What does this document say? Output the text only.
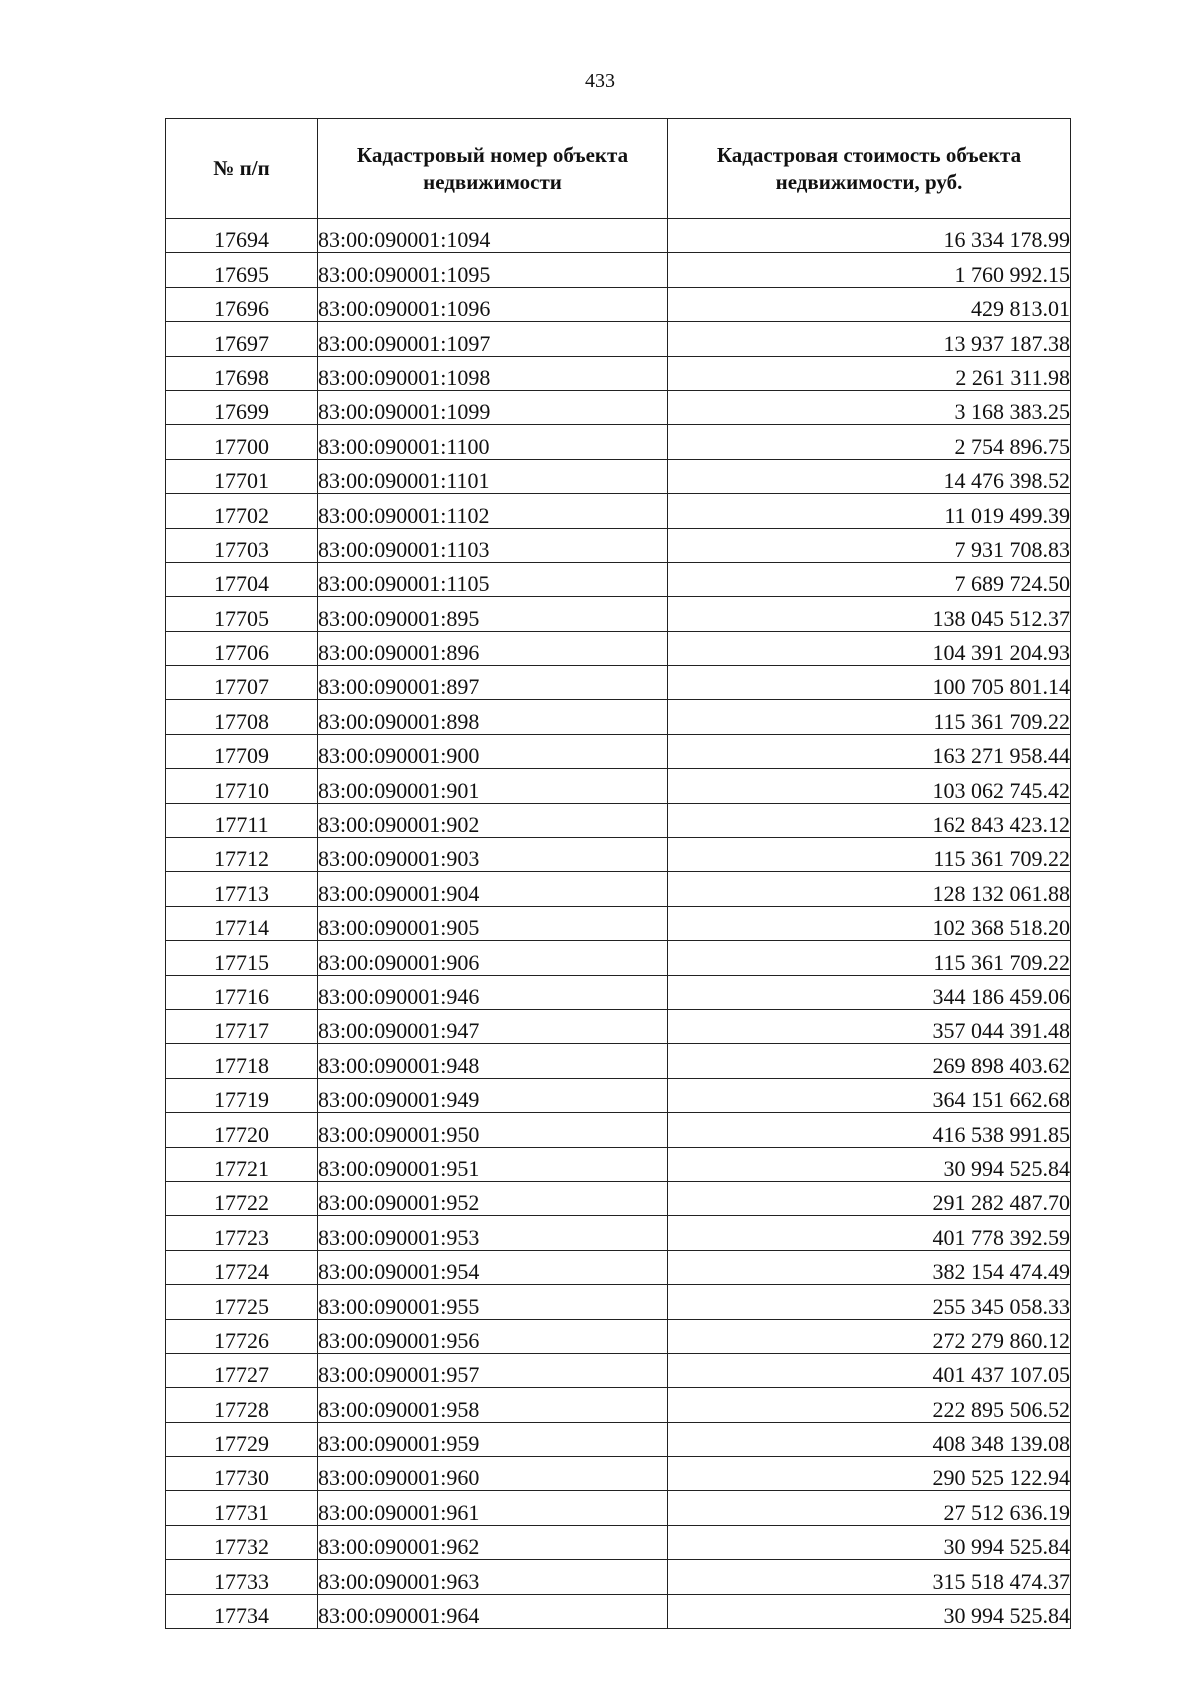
433
№ п/п	Кадастровый номер объекта недвижимости	Кадастровая стоимость объекта недвижимости, руб.
17694	83:00:090001:1094	16 334 178.99
17695	83:00:090001:1095	1 760 992.15
17696	83:00:090001:1096	429 813.01
17697	83:00:090001:1097	13 937 187.38
17698	83:00:090001:1098	2 261 311.98
17699	83:00:090001:1099	3 168 383.25
17700	83:00:090001:1100	2 754 896.75
17701	83:00:090001:1101	14 476 398.52
17702	83:00:090001:1102	11 019 499.39
17703	83:00:090001:1103	7 931 708.83
17704	83:00:090001:1105	7 689 724.50
17705	83:00:090001:895	138 045 512.37
17706	83:00:090001:896	104 391 204.93
17707	83:00:090001:897	100 705 801.14
17708	83:00:090001:898	115 361 709.22
17709	83:00:090001:900	163 271 958.44
17710	83:00:090001:901	103 062 745.42
17711	83:00:090001:902	162 843 423.12
17712	83:00:090001:903	115 361 709.22
17713	83:00:090001:904	128 132 061.88
17714	83:00:090001:905	102 368 518.20
17715	83:00:090001:906	115 361 709.22
17716	83:00:090001:946	344 186 459.06
17717	83:00:090001:947	357 044 391.48
17718	83:00:090001:948	269 898 403.62
17719	83:00:090001:949	364 151 662.68
17720	83:00:090001:950	416 538 991.85
17721	83:00:090001:951	30 994 525.84
17722	83:00:090001:952	291 282 487.70
17723	83:00:090001:953	401 778 392.59
17724	83:00:090001:954	382 154 474.49
17725	83:00:090001:955	255 345 058.33
17726	83:00:090001:956	272 279 860.12
17727	83:00:090001:957	401 437 107.05
17728	83:00:090001:958	222 895 506.52
17729	83:00:090001:959	408 348 139.08
17730	83:00:090001:960	290 525 122.94
17731	83:00:090001:961	27 512 636.19
17732	83:00:090001:962	30 994 525.84
17733	83:00:090001:963	315 518 474.37
17734	83:00:090001:964	30 994 525.84
